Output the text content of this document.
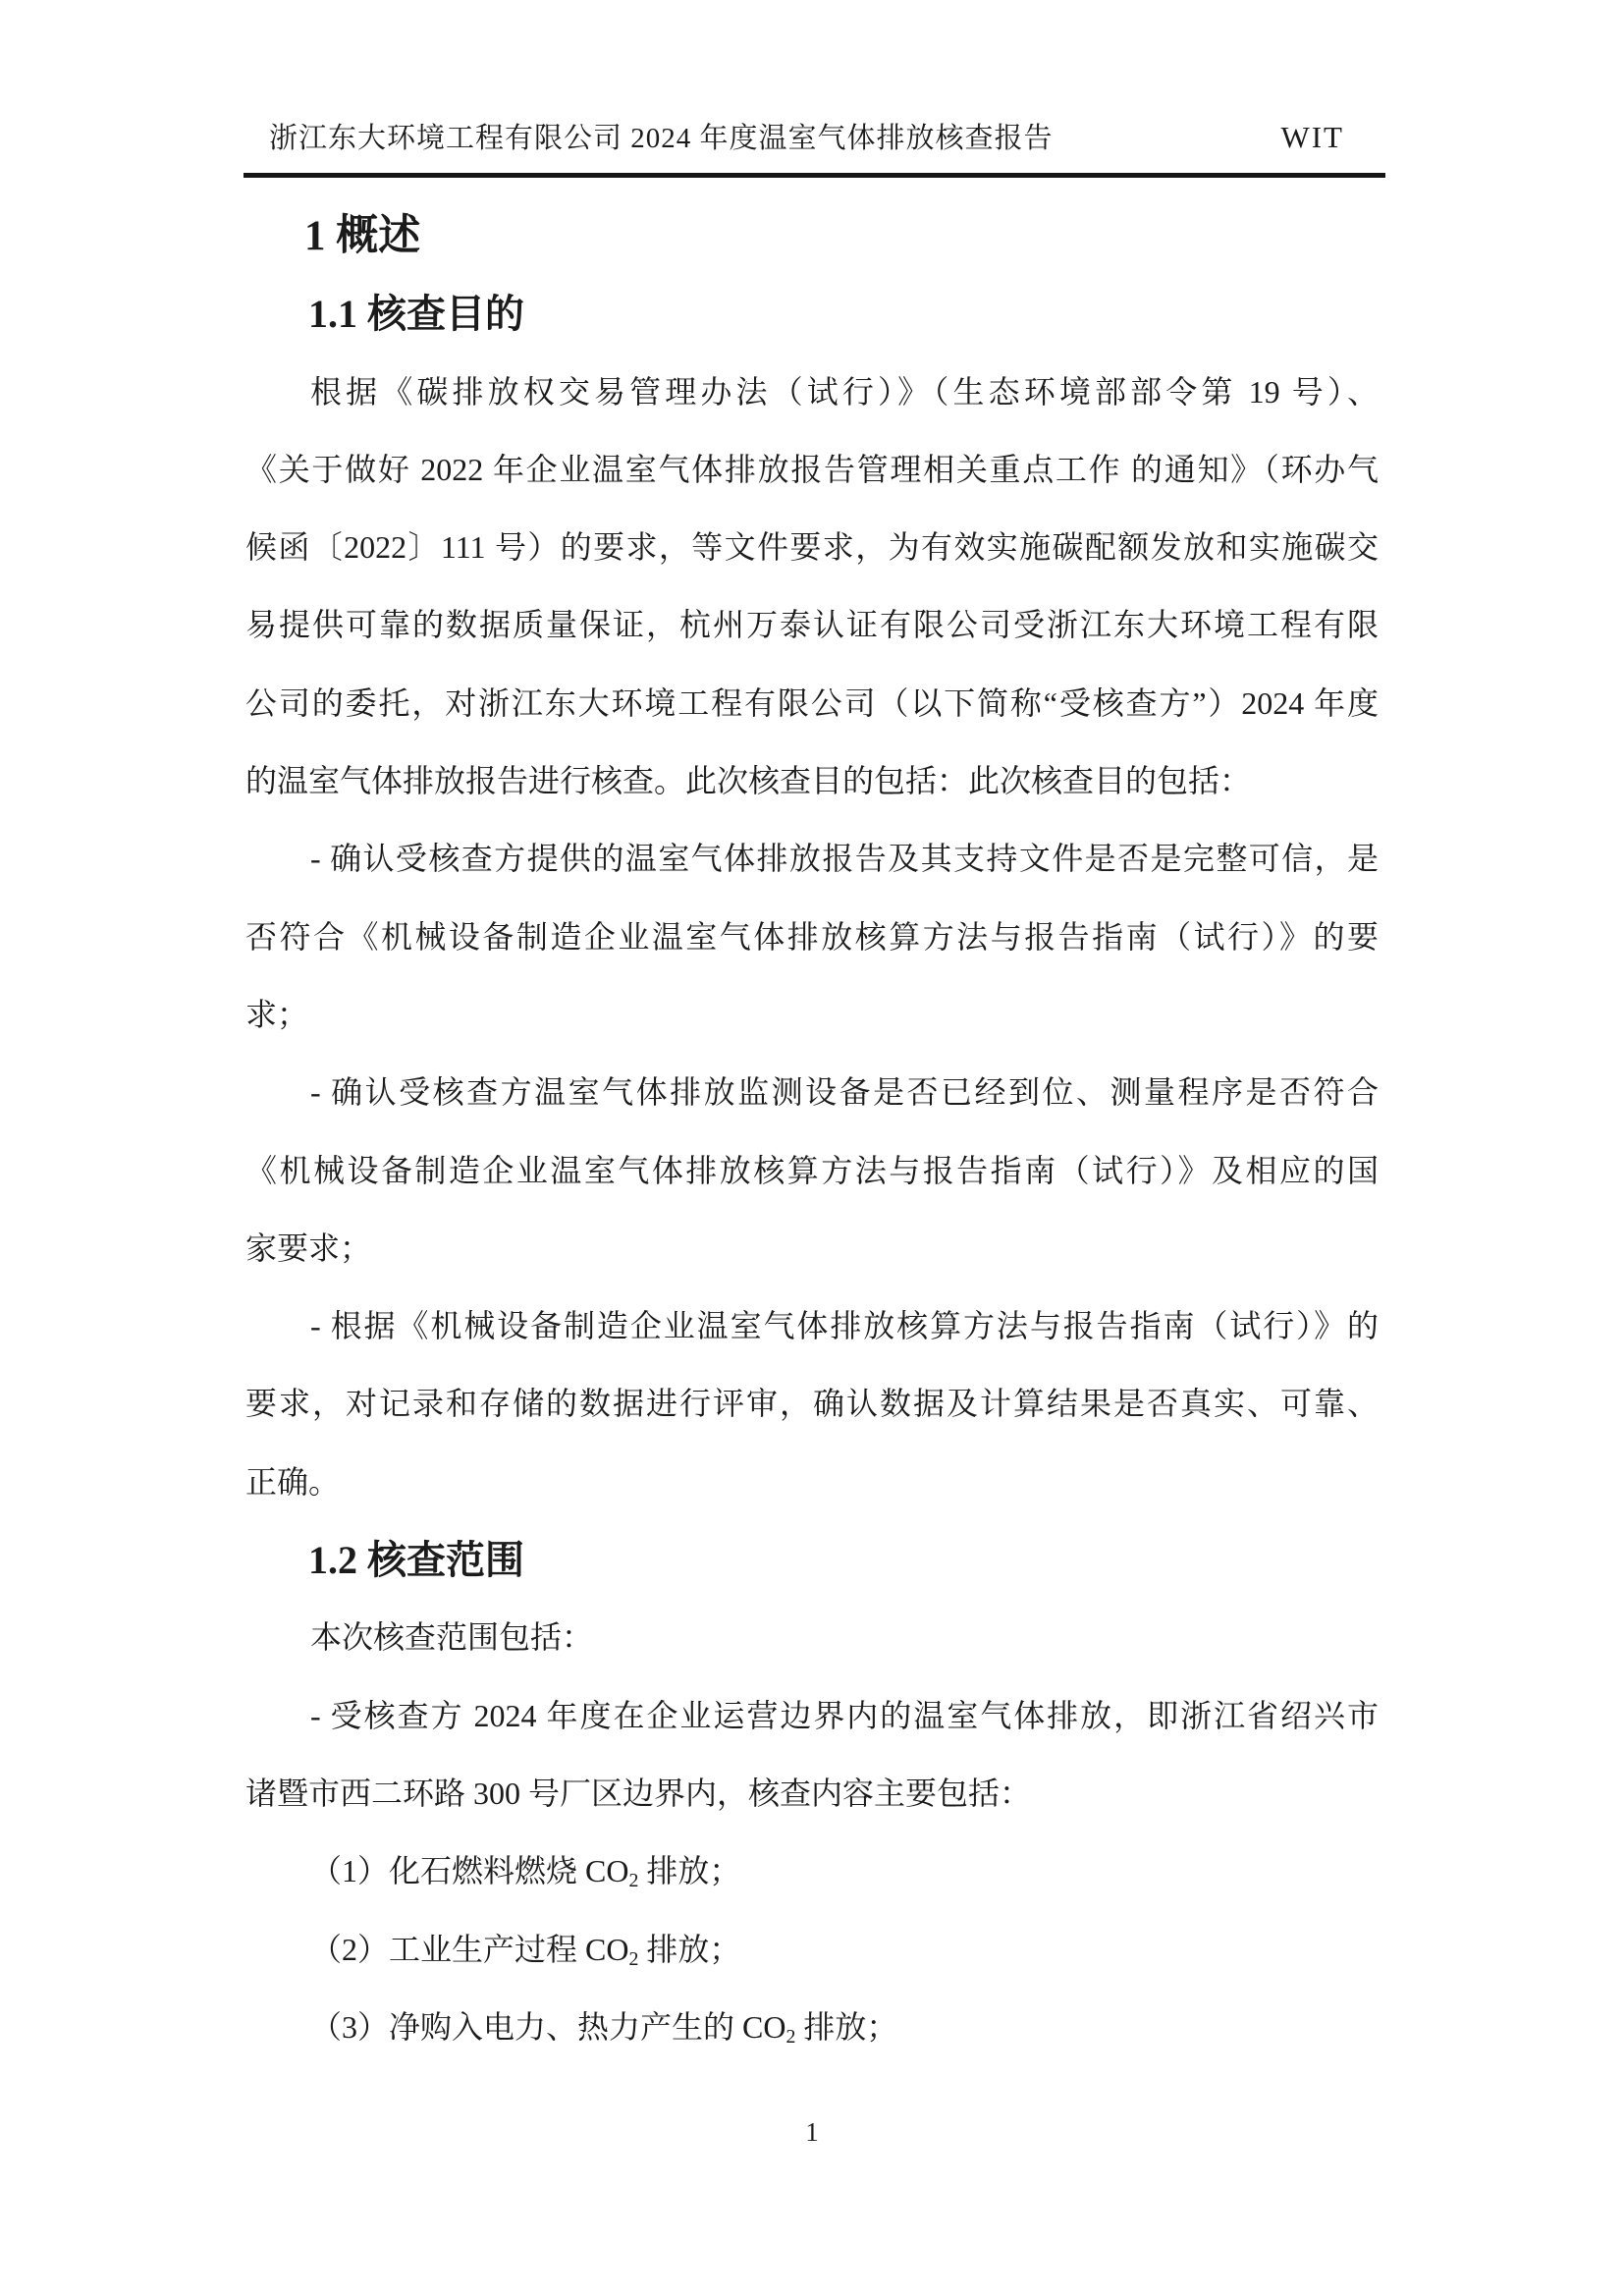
浙江东大环境工程有限公司 2024 年度温室气体排放核查报告	WIT
1 概述
1.1 核查目的

根据《碳排放权交易管理办法（试行）》（生态环境部部令第 19 号）、
《关于做好 2022 年企业温室气体排放报告管理相关重点工作 的通知》（环办气
候函〔2022〕111 号）的要求，等文件要求，为有效实施碳配额发放和实施碳交
易提供可靠的数据质量保证，杭州万泰认证有限公司受浙江东大环境工程有限
公司的委托，对浙江东大环境工程有限公司（以下简称“受核查方”）2024 年度
的温室气体排放报告进行核查。此次核查目的包括：此次核查目的包括：

- 确认受核查方提供的温室气体排放报告及其支持文件是否是完整可信，是
否符合《机械设备制造企业温室气体排放核算方法与报告指南（试行）》的要
求；

- 确认受核查方温室气体排放监测设备是否已经到位、测量程序是否符合
《机械设备制造企业温室气体排放核算方法与报告指南（试行）》及相应的国
家要求；

- 根据《机械设备制造企业温室气体排放核算方法与报告指南（试行）》的
要求，对记录和存储的数据进行评审，确认数据及计算结果是否真实、可靠、
正确。

1.2 核查范围

本次核查范围包括：

- 受核查方 2024 年度在企业运营边界内的温室气体排放，即浙江省绍兴市
诸暨市西二环路 300 号厂区边界内，核查内容主要包括：

（1）化石燃料燃烧 $CO_2$ 排放；

（2）工业生产过程 $CO_2$ 排放；

（3）净购入电力、热力产生的 $CO_2$ 排放；

1
